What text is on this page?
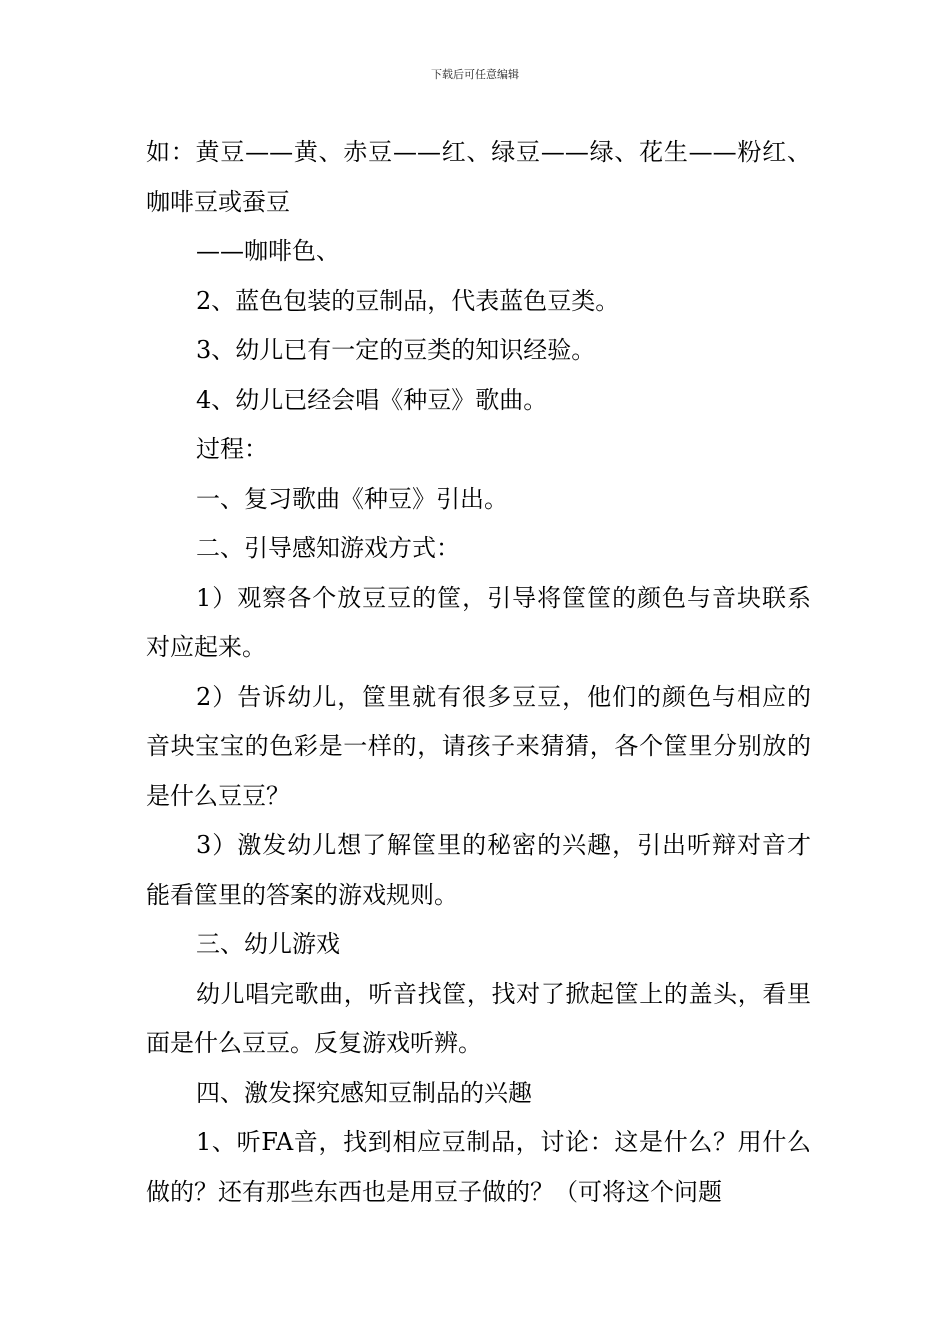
下载后可任意编辑

如：黄豆——黄、赤豆——红、绿豆——绿、花生——粉红、咖啡豆或蚕豆

——咖啡色、

2、蓝色包装的豆制品，代表蓝色豆类。

3、幼儿已有一定的豆类的知识经验。

4、幼儿已经会唱《种豆》歌曲。

过程：

一、复习歌曲《种豆》引出。

二、引导感知游戏方式：

1）观察各个放豆豆的筐，引导将筐筐的颜色与音块联系对应起来。

2）告诉幼儿，筐里就有很多豆豆，他们的颜色与相应的音块宝宝的色彩是一样的，请孩子来猜猜，各个筐里分别放的是什么豆豆？

3）激发幼儿想了解筐里的秘密的兴趣，引出听辩对音才能看筐里的答案的游戏规则。

三、幼儿游戏

幼儿唱完歌曲，听音找筐，找对了掀起筐上的盖头，看里面是什么豆豆。反复游戏听辨。

四、激发探究感知豆制品的兴趣

1、听FA音，找到相应豆制品，讨论：这是什么？用什么做的？还有那些东西也是用豆子做的？（可将这个问题
